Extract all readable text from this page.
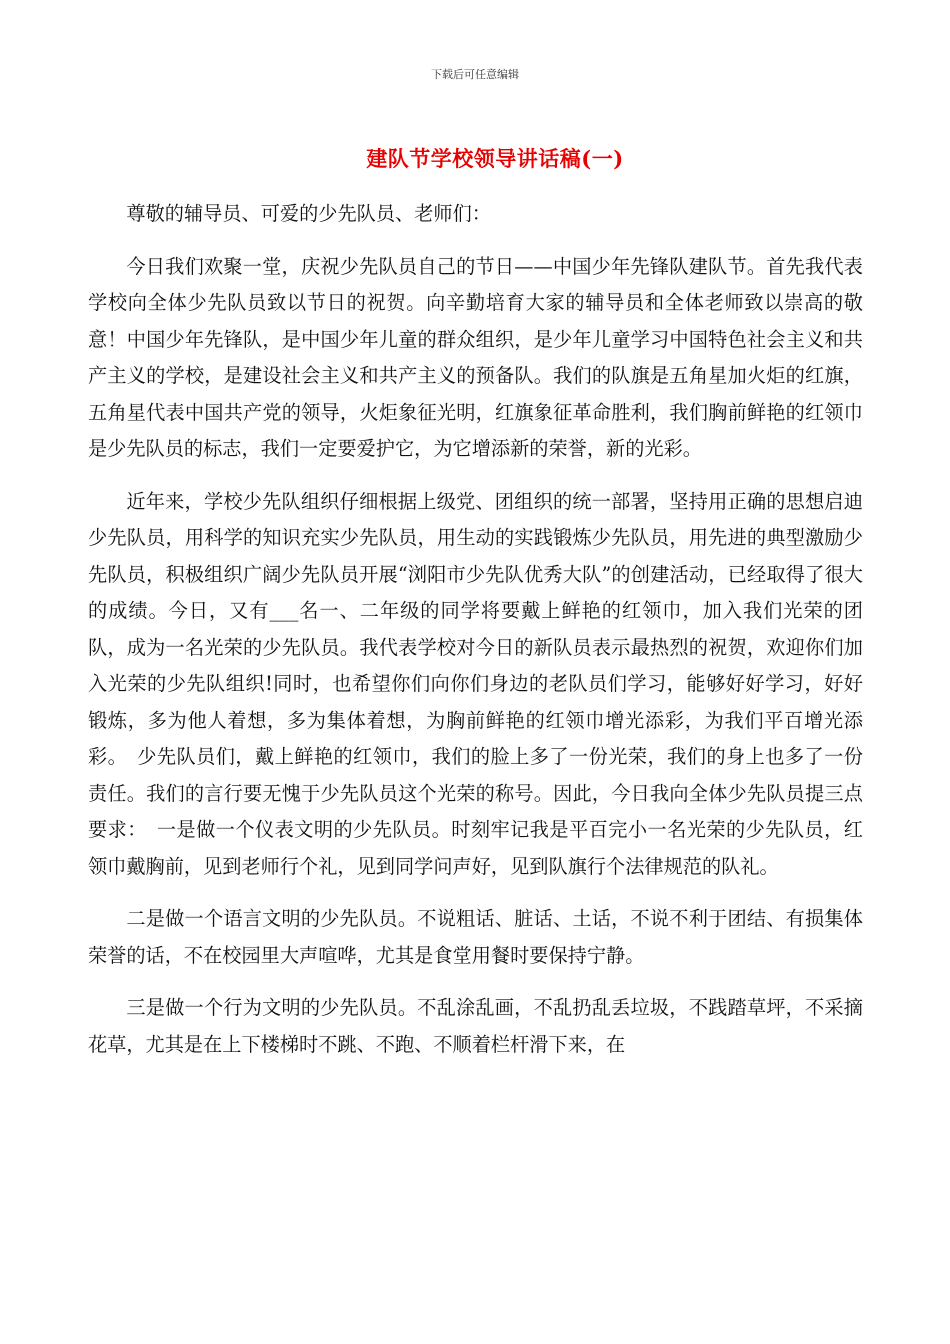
下载后可任意编辑
建队节学校领导讲话稿(一)

尊敬的辅导员、可爱的少先队员、老师们：

今日我们欢聚一堂，庆祝少先队员自己的节日——中国少年先锋队建队节。首先我代表学校向全体少先队员致以节日的祝贺。向辛勤培育大家的辅导员和全体老师致以崇高的敬意！中国少年先锋队，是中国少年儿童的群众组织，是少年儿童学习中国特色社会主义和共产主义的学校，是建设社会主义和共产主义的预备队。我们的队旗是五角星加火炬的红旗，五角星代表中国共产党的领导，火炬象征光明，红旗象征革命胜利，我们胸前鲜艳的红领巾是少先队员的标志，我们一定要爱护它，为它增添新的荣誉，新的光彩。

近年来，学校少先队组织仔细根据上级党、团组织的统一部署，坚持用正确的思想启迪少先队员，用科学的知识充实少先队员，用生动的实践锻炼少先队员，用先进的典型激励少先队员，积极组织广阔少先队员开展“浏阳市少先队优秀大队”的创建活动，已经取得了很大的成绩。今日，又有___名一、二年级的同学将要戴上鲜艳的红领巾，加入我们光荣的团队，成为一名光荣的少先队员。我代表学校对今日的新队员表示最热烈的祝贺，欢迎你们加入光荣的少先队组织!同时，也希望你们向你们身边的老队员们学习，能够好好学习，好好锻炼，多为他人着想，多为集体着想，为胸前鲜艳的红领巾增光添彩，为我们平百增光添彩。　少先队员们，戴上鲜艳的红领巾，我们的脸上多了一份光荣，我们的身上也多了一份责任。我们的言行要无愧于少先队员这个光荣的称号。因此，今日我向全体少先队员提三点要求：　一是做一个仪表文明的少先队员。时刻牢记我是平百完小一名光荣的少先队员，红领巾戴胸前，见到老师行个礼，见到同学问声好，见到队旗行个法律规范的队礼。

二是做一个语言文明的少先队员。不说粗话、脏话、土话，不说不利于团结、有损集体荣誉的话，不在校园里大声喧哗，尤其是食堂用餐时要保持宁静。

三是做一个行为文明的少先队员。不乱涂乱画，不乱扔乱丢垃圾，不践踏草坪，不采摘花草，尤其是在上下楼梯时不跳、不跑、不顺着栏杆滑下来，在
